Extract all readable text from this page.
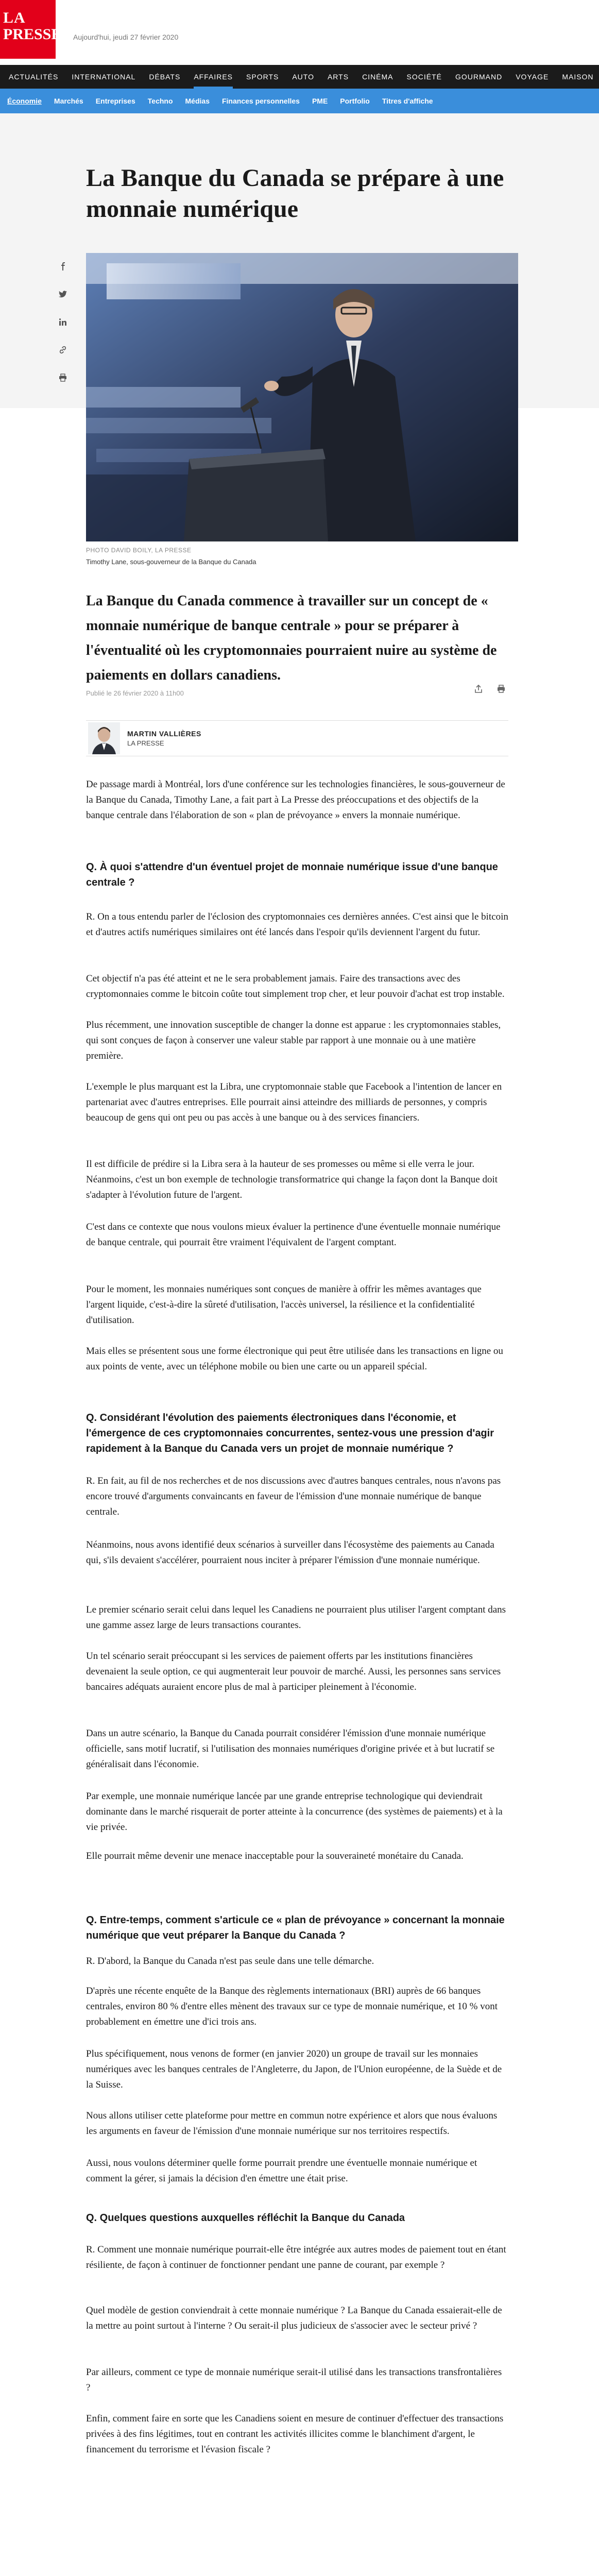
LA
PRESSE Aujourd'hui, jeudi 27 février 2020
ACTUALITÉS	INTERNATIONAL	DÉBATS	AFFAIRES	SPORTS	AUTO	ARTS	CINÉMA	SOCIÉTÉ	GOURMAND	VOYAGE	MAISON
Économie	Marchés	Entreprises	Techno	Médias	Finances personnelles	PME	Portfolio	Titres d'affiche
La Banque du Canada se prépare à une monnaie numérique
PHOTO DAVID BOILY, LA PRESSE
Timothy Lane, sous-gouverneur de la Banque du Canada

La Banque du Canada commence à travailler sur un concept de « monnaie numérique de banque centrale » pour se préparer à l'éventualité où les cryptomonnaies pourraient nuire au système de paiements en dollars canadiens.

Publié le 26 février 2020 à 11h00
MARTIN VALLIÈRES
LA PRESSE
De passage mardi à Montréal, lors d'une conférence sur les technologies financières, le sous-gouverneur de la Banque du Canada, Timothy Lane, a fait part à La Presse des préoccupations et des objectifs de la banque centrale dans l'élaboration de son « plan de prévoyance » envers la monnaie numérique.
Q. À quoi s'attendre d'un éventuel projet de monnaie numérique issue d'une banque centrale ?
R. On a tous entendu parler de l'éclosion des cryptomonnaies ces dernières années. C'est ainsi que le bitcoin et d'autres actifs numériques similaires ont été lancés dans l'espoir qu'ils deviennent l'argent du futur.
Cet objectif n'a pas été atteint et ne le sera probablement jamais. Faire des transactions avec des cryptomonnaies comme le bitcoin coûte tout simplement trop cher, et leur pouvoir d'achat est trop instable.
Plus récemment, une innovation susceptible de changer la donne est apparue : les cryptomonnaies stables, qui sont conçues de façon à conserver une valeur stable par rapport à une monnaie ou à une matière première.
L'exemple le plus marquant est la Libra, une cryptomonnaie stable que Facebook a l'intention de lancer en partenariat avec d'autres entreprises. Elle pourrait ainsi atteindre des milliards de personnes, y compris beaucoup de gens qui ont peu ou pas accès à une banque ou à des services financiers.
Il est difficile de prédire si la Libra sera à la hauteur de ses promesses ou même si elle verra le jour. Néanmoins, c'est un bon exemple de technologie transformatrice qui change la façon dont la Banque doit s'adapter à l'évolution future de l'argent.
C'est dans ce contexte que nous voulons mieux évaluer la pertinence d'une éventuelle monnaie numérique de banque centrale, qui pourrait être vraiment l'équivalent de l'argent comptant.
Pour le moment, les monnaies numériques sont conçues de manière à offrir les mêmes avantages que l'argent liquide, c'est-à-dire la sûreté d'utilisation, l'accès universel, la résilience et la confidentialité d'utilisation.
Mais elles se présentent sous une forme électronique qui peut être utilisée dans les transactions en ligne ou aux points de vente, avec un téléphone mobile ou bien une carte ou un appareil spécial.
Q. Considérant l'évolution des paiements électroniques dans l'économie, et l'émergence de ces cryptomonnaies concurrentes, sentez-vous une pression d'agir rapidement à la Banque du Canada vers un projet de monnaie numérique ?
R. En fait, au fil de nos recherches et de nos discussions avec d'autres banques centrales, nous n'avons pas encore trouvé d'arguments convaincants en faveur de l'émission d'une monnaie numérique de banque centrale.
Néanmoins, nous avons identifié deux scénarios à surveiller dans l'écosystème des paiements au Canada qui, s'ils devaient s'accélérer, pourraient nous inciter à préparer l'émission d'une monnaie numérique.
Le premier scénario serait celui dans lequel les Canadiens ne pourraient plus utiliser l'argent comptant dans une gamme assez large de leurs transactions courantes.
Un tel scénario serait préoccupant si les services de paiement offerts par les institutions financières devenaient la seule option, ce qui augmenterait leur pouvoir de marché. Aussi, les personnes sans services bancaires adéquats auraient encore plus de mal à participer pleinement à l'économie.
Dans un autre scénario, la Banque du Canada pourrait considérer l'émission d'une monnaie numérique officielle, sans motif lucratif, si l'utilisation des monnaies numériques d'origine privée et à but lucratif se généralisait dans l'économie.
Par exemple, une monnaie numérique lancée par une grande entreprise technologique qui deviendrait dominante dans le marché risquerait de porter atteinte à la concurrence (des systèmes de paiements) et à la vie privée.
Elle pourrait même devenir une menace inacceptable pour la souveraineté monétaire du Canada.
Q. Entre-temps, comment s'articule ce « plan de prévoyance » concernant la monnaie numérique que veut préparer la Banque du Canada ?
R. D'abord, la Banque du Canada n'est pas seule dans une telle démarche.
D'après une récente enquête de la Banque des règlements internationaux (BRI) auprès de 66 banques centrales, environ 80 % d'entre elles mènent des travaux sur ce type de monnaie numérique, et 10 % vont probablement en émettre une d'ici trois ans.
Plus spécifiquement, nous venons de former (en janvier 2020) un groupe de travail sur les monnaies numériques avec les banques centrales de l'Angleterre, du Japon, de l'Union européenne, de la Suède et de la Suisse.
Nous allons utiliser cette plateforme pour mettre en commun notre expérience et alors que nous évaluons les arguments en faveur de l'émission d'une monnaie numérique sur nos territoires respectifs.
Aussi, nous voulons déterminer quelle forme pourrait prendre une éventuelle monnaie numérique et comment la gérer, si jamais la décision d'en émettre une était prise.
Q. Quelques questions auxquelles réfléchit la Banque du Canada
R. Comment une monnaie numérique pourrait-elle être intégrée aux autres modes de paiement tout en étant résiliente, de façon à continuer de fonctionner pendant une panne de courant, par exemple ?
Quel modèle de gestion conviendrait à cette monnaie numérique ? La Banque du Canada essaierait-elle de la mettre au point surtout à l'interne ? Ou serait-il plus judicieux de s'associer avec le secteur privé ?
Par ailleurs, comment ce type de monnaie numérique serait-il utilisé dans les transactions transfrontalières ?
Enfin, comment faire en sorte que les Canadiens soient en mesure de continuer d'effectuer des transactions privées à des fins légitimes, tout en contrant les activités illicites comme le blanchiment d'argent, le financement du terrorisme et l'évasion fiscale ?
